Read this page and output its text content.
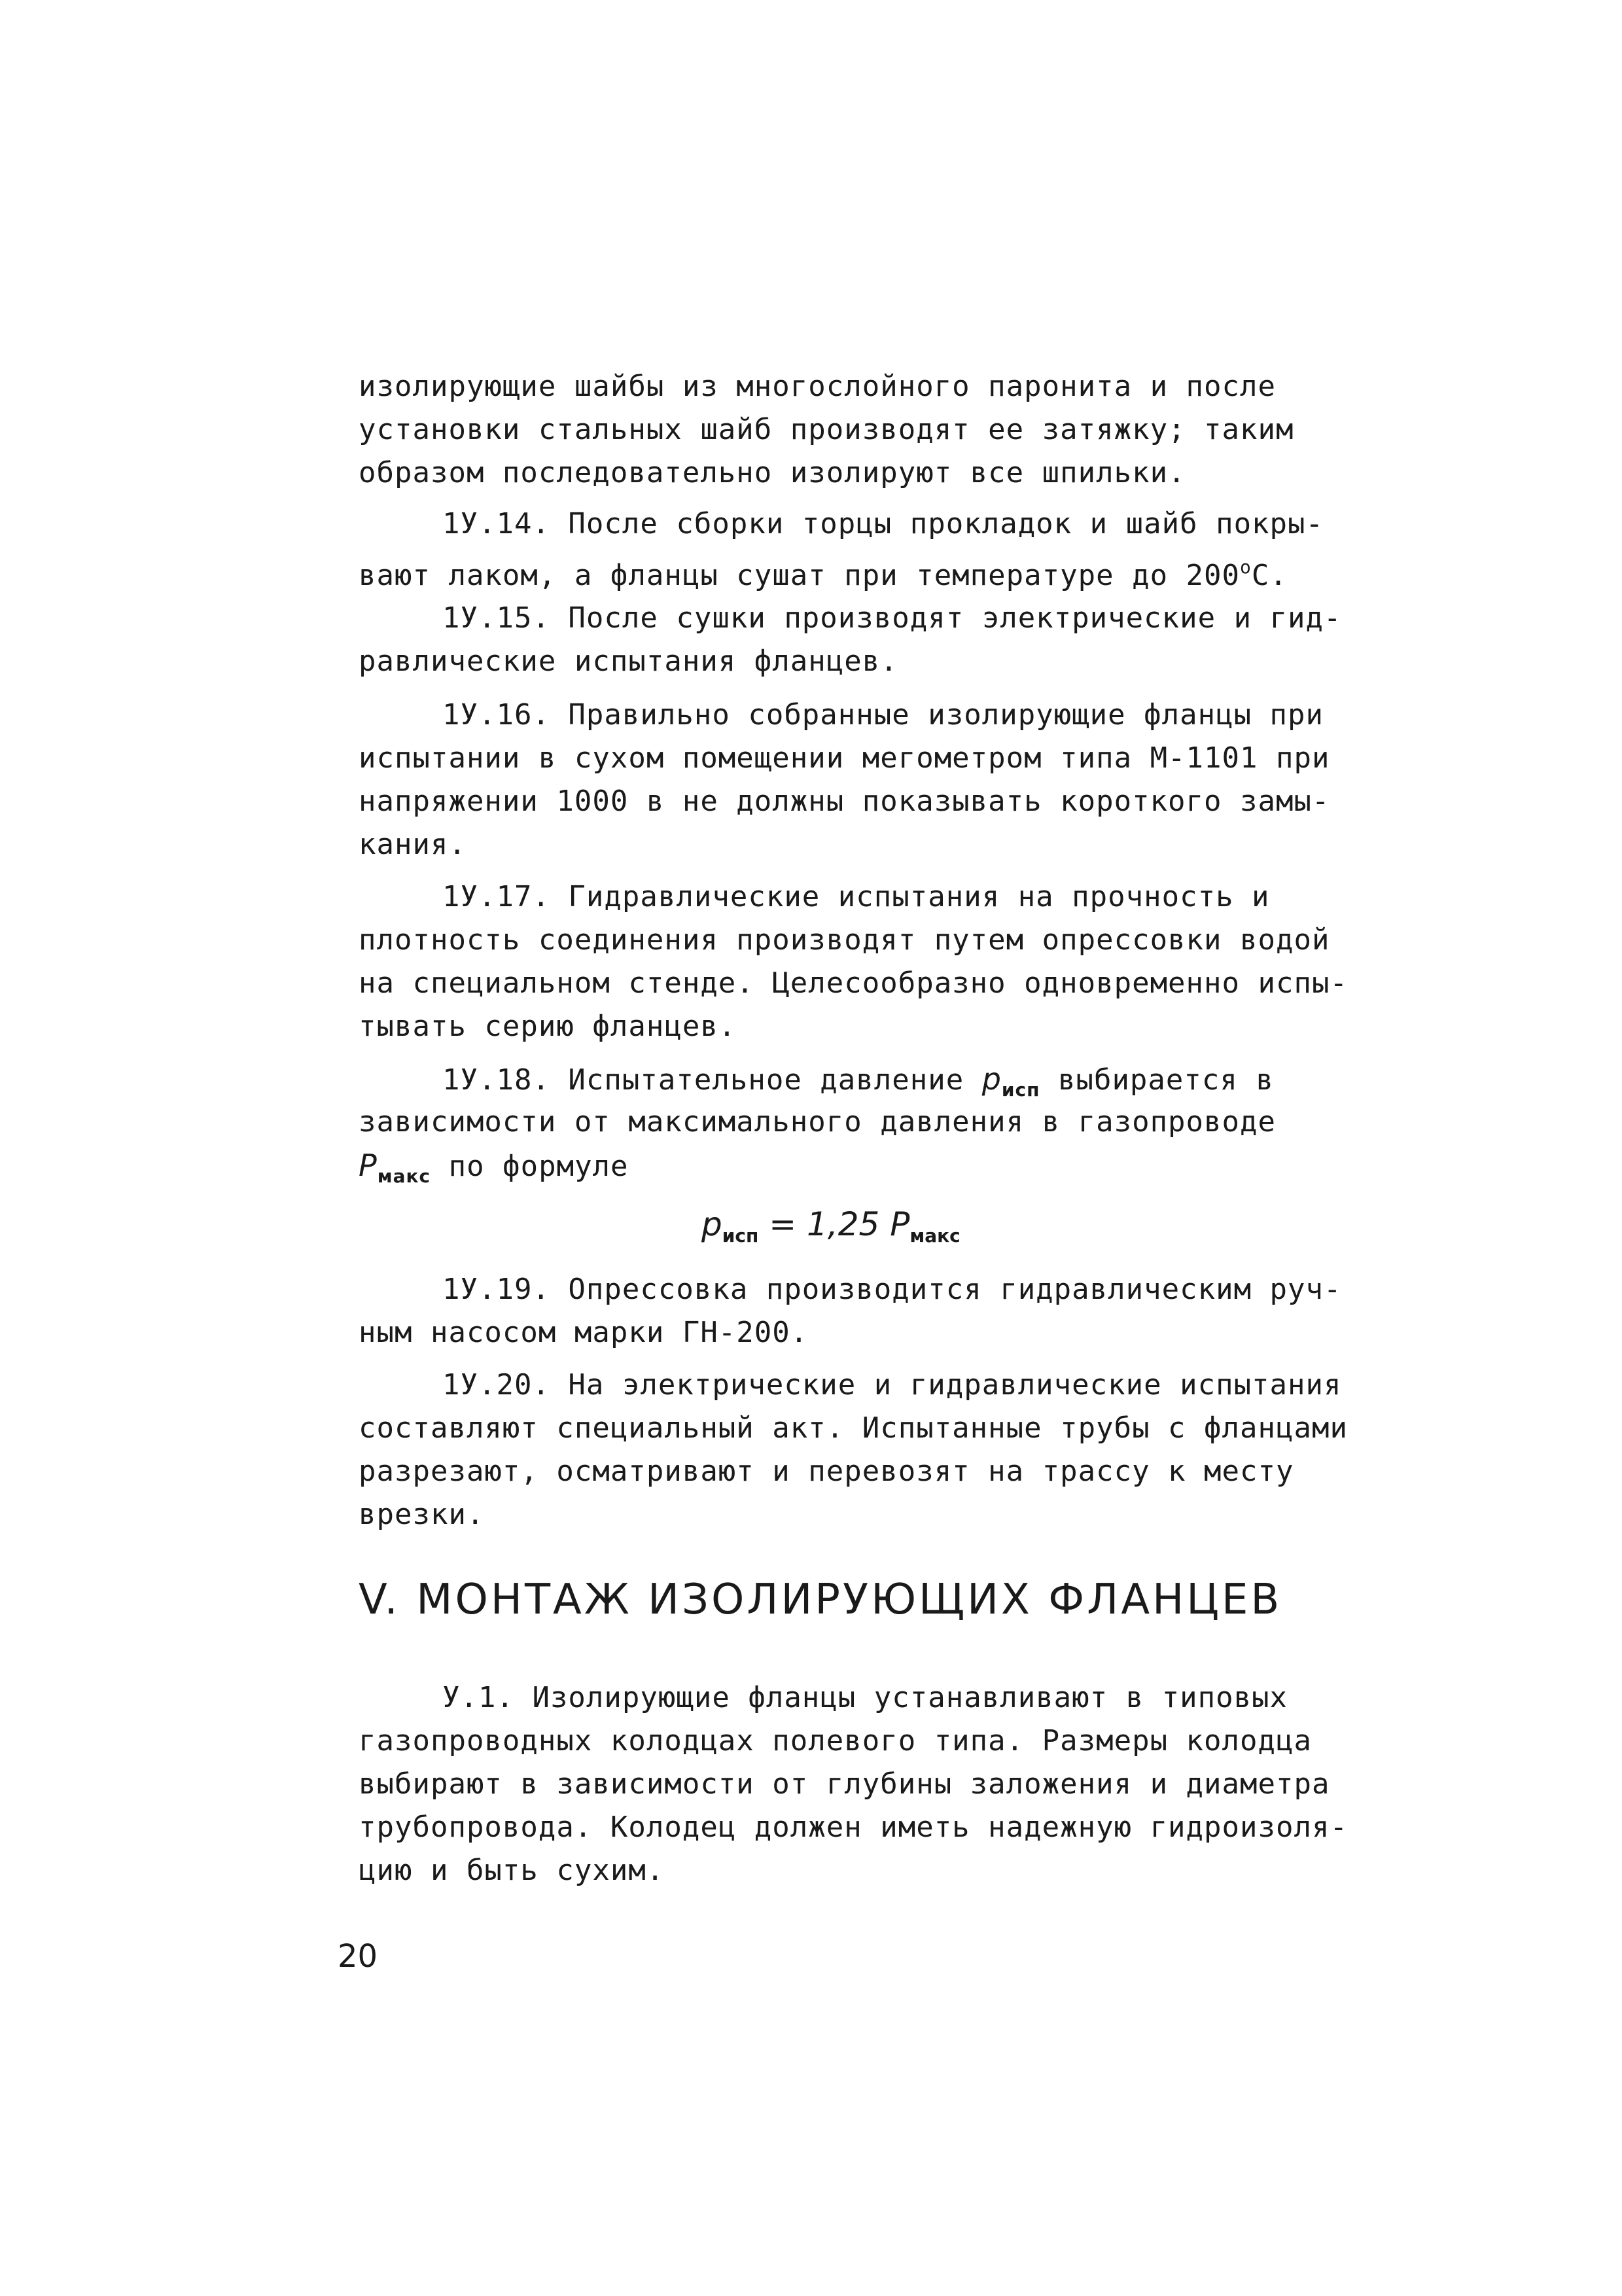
изолирующие шайбы из многослойного паронита и после
установки стальных шайб производят ее затяжку; таким
образом последовательно изолируют все шпильки.
1У.14. После сборки торцы прокладок и шайб покры-
вают лаком, а фланцы сушат при температуре до $200^оС$.
1У.15. После сушки производят электрические и гид-
равлические испытания фланцев.
1У.16. Правильно собранные изолирующие фланцы при
испытании в сухом помещении мегометром типа М-1101 при
напряжении 1000 в не должны показывать короткого замы-
кания.
1У.17. Гидравлические испытания на прочность и
плотность соединения производят путем опрессовки водой
на специальном стенде. Целесообразно одновременно испы-
тывать серию фланцев.
1У.18. Испытательное давление $p_{исп}$ выбирается в
зависимости от максимального давления в газопроводе
$P_{макс}$ по формуле
$p_{исп} = 1,25$ $P_{макс}$
1У.19. Опрессовка производится гидравлическим руч-
ным насосом марки ГН-200.
1У.20. На электрические и гидравлические испытания
составляют специальный акт. Испытанные трубы с фланцами
разрезают, осматривают и перевозят на трассу к месту
врезки.
V. МОНТАЖ ИЗОЛИРУЮЩИХ ФЛАНЦЕВ
У.1. Изолирующие фланцы устанавливают в типовых
газопроводных колодцах полевого типа. Размеры колодца
выбирают в зависимости от глубины заложения и диаметра
трубопровода. Колодец должен иметь надежную гидроизоля-
цию и быть сухим.
20
